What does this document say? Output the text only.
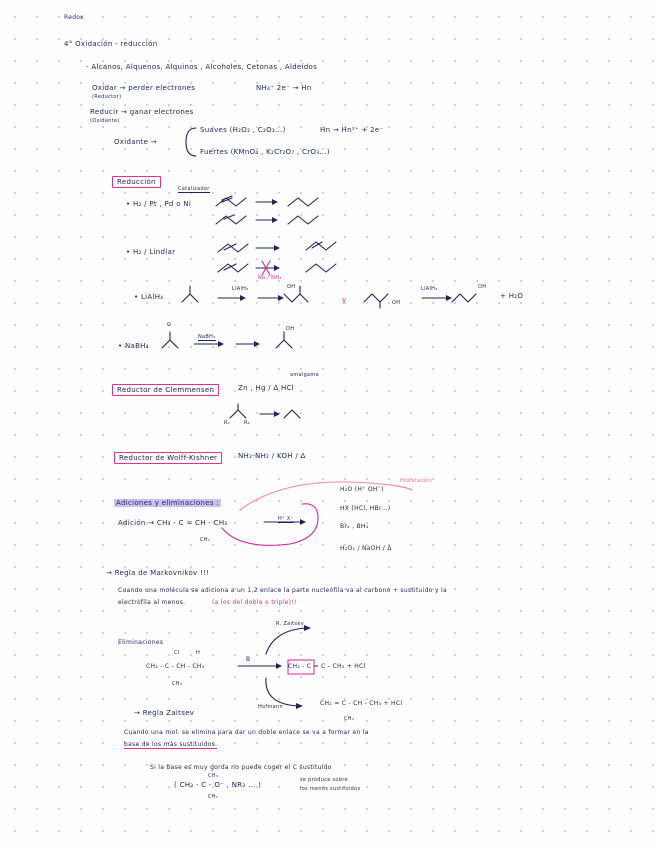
Redox
4° Oxidación - reducción
- Alcanos, Alquenos, Alquinos , Alcoholes, Cetonas , Aldeídos
Oxidar → perder electrones
(Reductor)
NH₄⁺ 2e⁻ → Hn
Reducir → ganar electrones
(Oxidante)
Oxidante →
Suaves (H₂O₂ , C₂O₃...)	Hn → Hn²⁺ + 2e⁻
Fuertes (KMnO₄ , K₂Cr₂O₇ , CrO₃...)
Reducción
Catalizador
• H₂ / Pt , Pd o Ni
• H₂ / Lindlar
Na / NH₃
• LiAlH₄
LiAlH₄	LiAlH₄
OH
y	OH
OH
+ H₂O
• NaBH₄
O
NaBH₄
OH
Reductor de Clemmensen	Zn , Hg / Δ HCl
amalgama
R₁	R₂
Reductor de Wolff-Kishner	NH₂-NH₂ / KOH / Δ
Adiciones y eliminaciones :
Adición → CH₃ - C = CH - CH₃
CH₃
H⁺ X⁻
H₂O (H⁺ OH⁻)
Hidratación
HX (HCl, HBr...)
Br₂ , BH₃
H₂O₂ / NaOH / Δ
→ Regla de Markovnikov !!!
Cuando una molécula se adiciona a un 1,2 enlace la parte nucleófila va al carbono + sustituido y la
electrófila al menos.	(a los del doble o triple)!!
Eliminaciones
R. Zaitsev
Cl	H
CH₃ - C - CH - CH₃
CH₃
B
CH₃ - C = C - CH₃ + HCl
Hofmann	CH₂ = C - CH - CH₃ + HCl
CH₃
→ Regla Zaitsev
Cuando una mol. se elimina para dar un doble enlace se va a formar en la
base de los más sustituidos.
Si la base es muy gorda no puede coger el C sustituido
CH₃
( CH₃ - C - O⁻ , NR₃ ... )
CH₃
se produce sobre
los menos sustituidos
